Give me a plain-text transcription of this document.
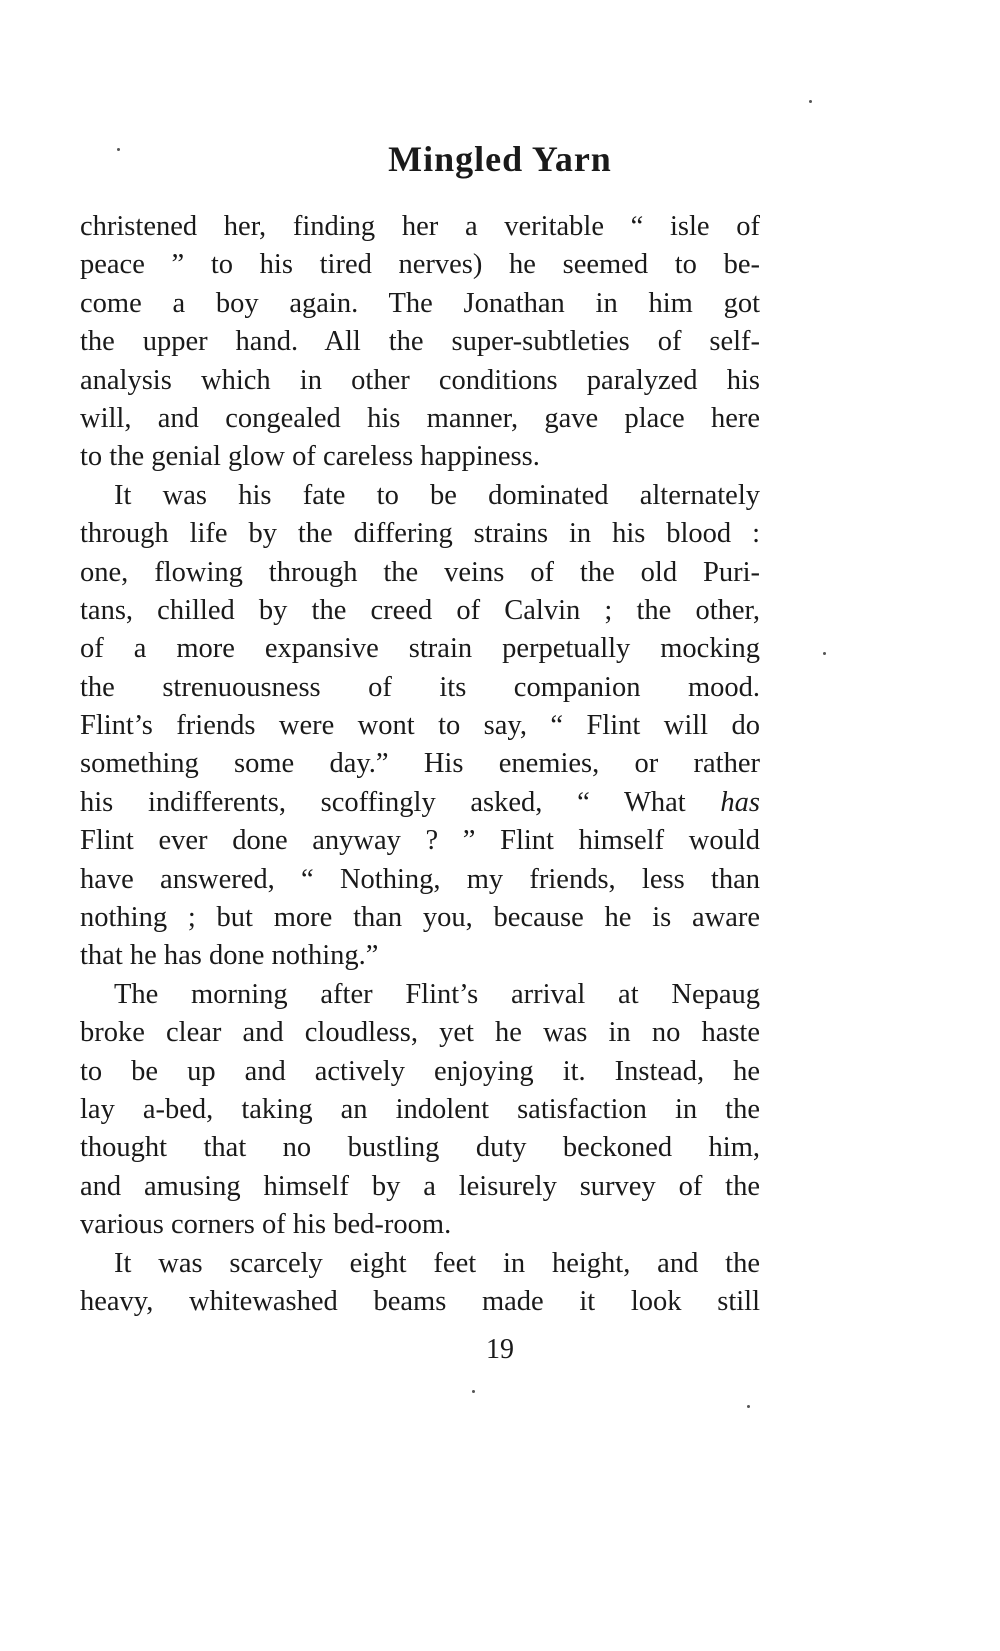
Mingled Yarn
christened her, finding her a veritable “ isle of
peace ” to his tired nerves) he seemed to be-
come a boy again. The Jonathan in him got
the upper hand. All the super-subtleties of self-
analysis which in other conditions paralyzed his
will, and congealed his manner, gave place here
to the genial glow of careless happiness.
It was his fate to be dominated alternately
through life by the differing strains in his blood :
one, flowing through the veins of the old Puri-
tans, chilled by the creed of Calvin ; the other,
of a more expansive strain perpetually mocking
the strenuousness of its companion mood.
Flint’s friends were wont to say, “ Flint will do
something some day.” His enemies, or rather
his indifferents, scoffingly asked, “ What has
Flint ever done anyway ? ” Flint himself would
have answered, “ Nothing, my friends, less than
nothing ; but more than you, because he is aware
that he has done nothing.”
The morning after Flint’s arrival at Nepaug
broke clear and cloudless, yet he was in no haste
to be up and actively enjoying it. Instead, he
lay a-bed, taking an indolent satisfaction in the
thought that no bustling duty beckoned him,
and amusing himself by a leisurely survey of the
various corners of his bed-room.
It was scarcely eight feet in height, and the
heavy, whitewashed beams made it look still
19
